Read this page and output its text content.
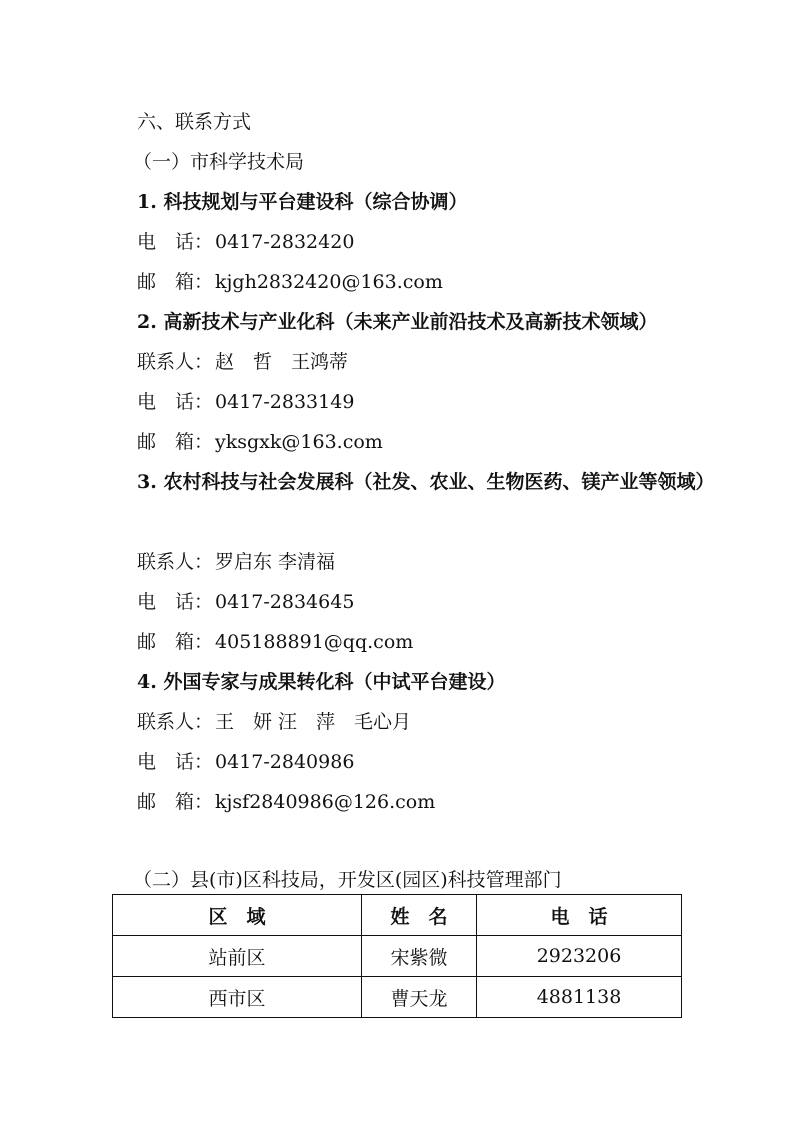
六、联系方式
（一）市科学技术局
1. 科技规划与平台建设科（综合协调）
电　话： 0417-2832420
邮　箱： kjgh2832420@163.com
2. 高新技术与产业化科（未来产业前沿技术及高新技术领域）
联系人： 赵　哲　王鸿蒂
电　话： 0417-2833149
邮　箱： yksgxk@163.com
3. 农村科技与社会发展科（社发、农业、生物医药、镁产业等领域）
联系人： 罗启东 李清福
电　话： 0417-2834645
邮　箱： 405188891@qq.com
4. 外国专家与成果转化科（中试平台建设）
联系人： 王　妍 汪　萍　毛心月
电　话： 0417-2840986
邮　箱： kjsf2840986@126.com
（二）县(市)区科技局，开发区(园区)科技管理部门
区　域	姓　名	电　话
站前区	宋紫微	2923206
西市区	曹天龙	4881138
